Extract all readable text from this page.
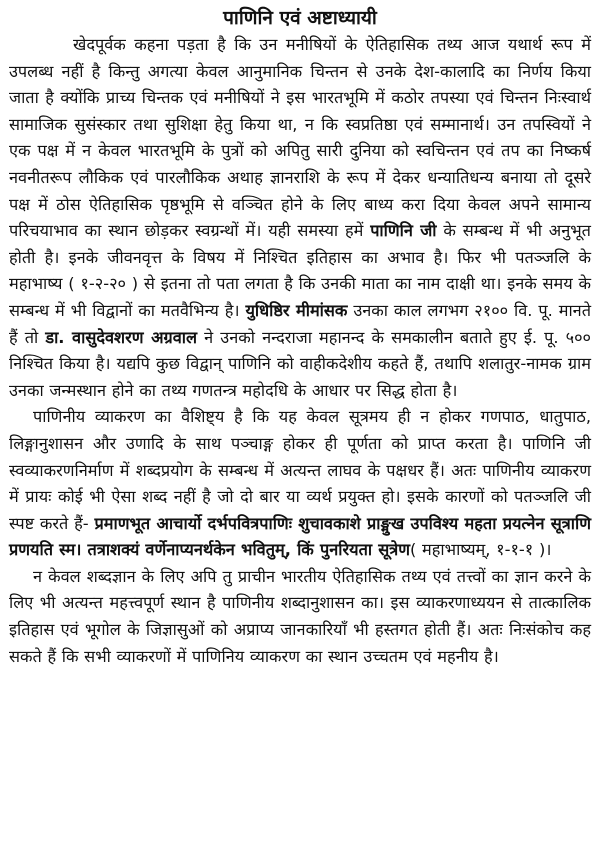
पाणिनि एवं अष्टाध्यायी

खेदपूर्वक कहना पड़ता है कि उन मनीषियों के ऐतिहासिक तथ्य आज यथार्थ रूप में उपलब्ध नहीं है किन्तु अगत्या केवल आनुमानिक चिन्तन से उनके देश-कालादि का निर्णय किया जाता है क्योंकि प्राच्य चिन्तक एवं मनीषियों ने इस भारतभूमि में कठोर तपस्या एवं चिन्तन निःस्वार्थ सामाजिक सुसंस्कार तथा सुशिक्षा हेतु किया था, न कि स्वप्रतिष्ठा एवं सम्मानार्थ। उन तपस्वियों ने एक पक्ष में न केवल भारतभूमि के पुत्रों को अपितु सारी दुनिया को स्वचिन्तन एवं तप का निष्कर्ष नवनीतरूप लौकिक एवं पारलौकिक अथाह ज्ञानराशि के रूप में देकर धन्यातिधन्य बनाया तो दूसरे पक्ष में ठोस ऐतिहासिक पृष्ठभूमि से वञ्चित होने के लिए बाध्य करा दिया केवल अपने सामान्य परिचयाभाव का स्थान छोड़कर स्वग्रन्थों में। यही समस्या हमें पाणिनि जी के सम्बन्ध में भी अनुभूत होती है। इनके जीवनवृत्त के विषय में निश्चित इतिहास का अभाव है। फिर भी पतञ्जलि के महाभाष्य ( १-२-२० ) से इतना तो पता लगता है कि उनकी माता का नाम दाक्षी था। इनके समय के सम्बन्ध में भी विद्वानों का मतवैभिन्य है। युधिष्ठिर मीमांसक उनका काल लगभग २१०० वि. पू. मानते हैं तो डा. वासुदेवशरण अग्रवाल ने उनको नन्दराजा महानन्द के समकालीन बताते हुए ई. पू. ५०० निश्चित किया है। यद्यपि कुछ विद्वान् पाणिनि को वाहीकदेशीय कहते हैं, तथापि शलातुर-नामक ग्राम उनका जन्मस्थान होने का तथ्य गणतन्त्र महोदधि के आधार पर सिद्ध होता है।

पाणिनीय व्याकरण का वैशिष्ट्य है कि यह केवल सूत्रमय ही न होकर गणपाठ, धातुपाठ, लिङ्गानुशासन और उणादि के साथ पञ्चाङ्ग होकर ही पूर्णता को प्राप्त करता है। पाणिनि जी स्वव्याकरणनिर्माण में शब्दप्रयोग के सम्बन्ध में अत्यन्त लाघव के पक्षधर हैं। अतः पाणिनीय व्याकरण में प्रायः कोई भी ऐसा शब्द नहीं है जो दो बार या व्यर्थ प्रयुक्त हो। इसके कारणों को पतञ्जलि जी स्पष्ट करते हैं- प्रमाणभूत आचार्यो दर्भपवित्रपाणिः शुचावकाशे प्राङ्मुख उपविश्य महता प्रयत्नेन सूत्राणि प्रणयति स्म। तत्राशक्यं वर्णेनाप्यनर्थकेन भवितुम्, किं पुनरियता सूत्रेण( महाभाष्यम्, १-१-१ )।

न केवल शब्दज्ञान के लिए अपि तु प्राचीन भारतीय ऐतिहासिक तथ्य एवं तत्त्वों का ज्ञान करने के लिए भी अत्यन्त महत्त्वपूर्ण स्थान है पाणिनीय शब्दानुशासन का। इस व्याकरणाध्ययन से तात्कालिक इतिहास एवं भूगोल के जिज्ञासुओं को अप्राप्य जानकारियाँ भी हस्तगत होती हैं। अतः निःसंकोच कह सकते हैं कि सभी व्याकरणों में पाणिनिय व्याकरण का स्थान उच्चतम एवं महनीय है।
